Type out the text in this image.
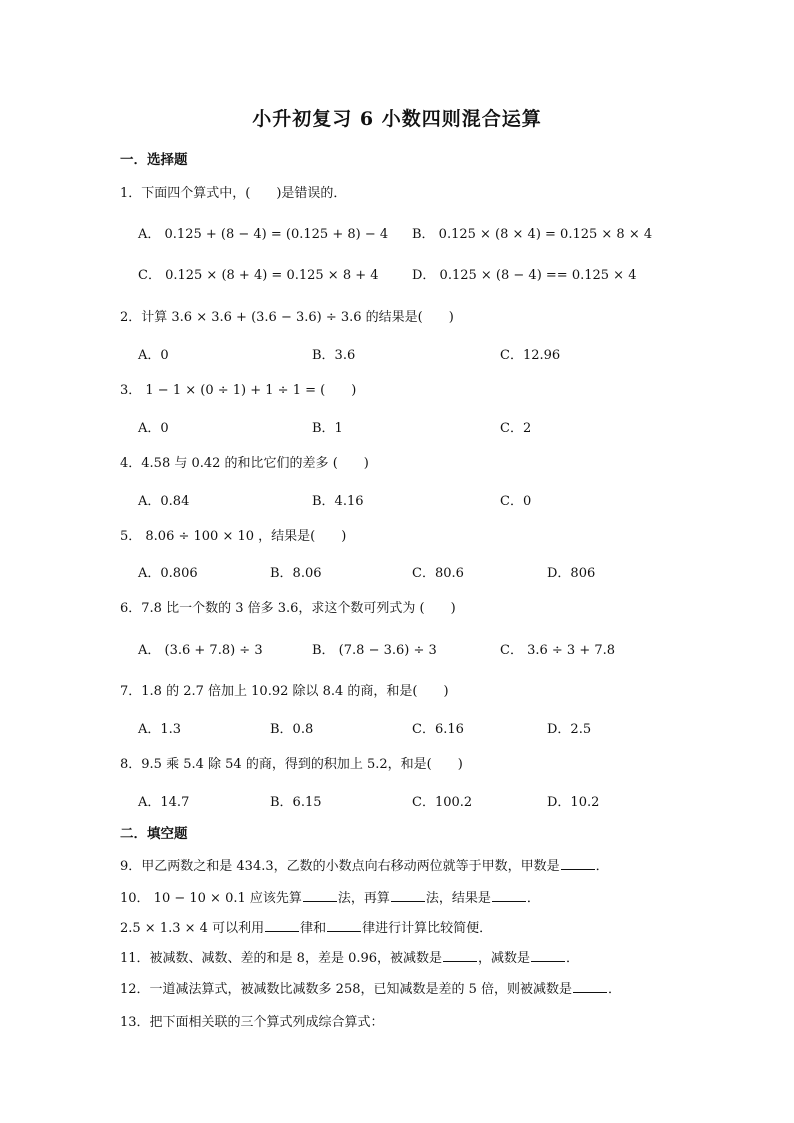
小升初复习 6 小数四则混合运算
一．选择题
1．下面四个算式中，(　　)是错误的．
A． 0.125 + (8 − 4) = (0.125 + 8) − 4 B． 0.125 × (8 × 4) = 0.125 × 8 × 4
C． 0.125 × (8 + 4) = 0.125 × 8 + 4	D． 0.125 × (8 − 4) == 0.125 × 4
2．计算 3.6 × 3.6 + (3.6 − 3.6) ÷ 3.6 的结果是(　　)
A．0	B．3.6	C．12.96
3． 1 − 1 × (0 ÷ 1) + 1 ÷ 1 = (　　)
A．0	B．1	C．2
4．4.58 与 0.42 的和比它们的差多 (　　)
A．0.84	B．4.16	C．0
5． 8.06 ÷ 100 × 10 ，结果是(　　)
A．0.806	B．8.06	C．80.6	D．806
6．7.8 比一个数的 3 倍多 3.6，求这个数可列式为 (　　)
A． (3.6 + 7.8) ÷ 3	B． (7.8 − 3.6) ÷ 3	C． 3.6 ÷ 3 + 7.8
7．1.8 的 2.7 倍加上 10.92 除以 8.4 的商，和是(　　)
A．1.3	B．0.8	C．6.16	D．2.5
8．9.5 乘 5.4 除 54 的商，得到的积加上 5.2，和是(　　)
A．14.7	B．6.15	C．100.2	D．10.2
二．填空题
9．甲乙两数之和是 434.3，乙数的小数点向右移动两位就等于甲数，甲数是	．
10． 10 − 10 × 0.1 应该先算	法，再算	法，结果是	．
2.5 × 1.3 × 4 可以利用	律和	律进行计算比较简便．
11．被减数、减数、差的和是 8，差是 0.96，被减数是	，减数是	．
12．一道减法算式，被减数比减数多 258，已知减数是差的 5 倍，则被减数是	．
13．把下面相关联的三个算式列成综合算式：
